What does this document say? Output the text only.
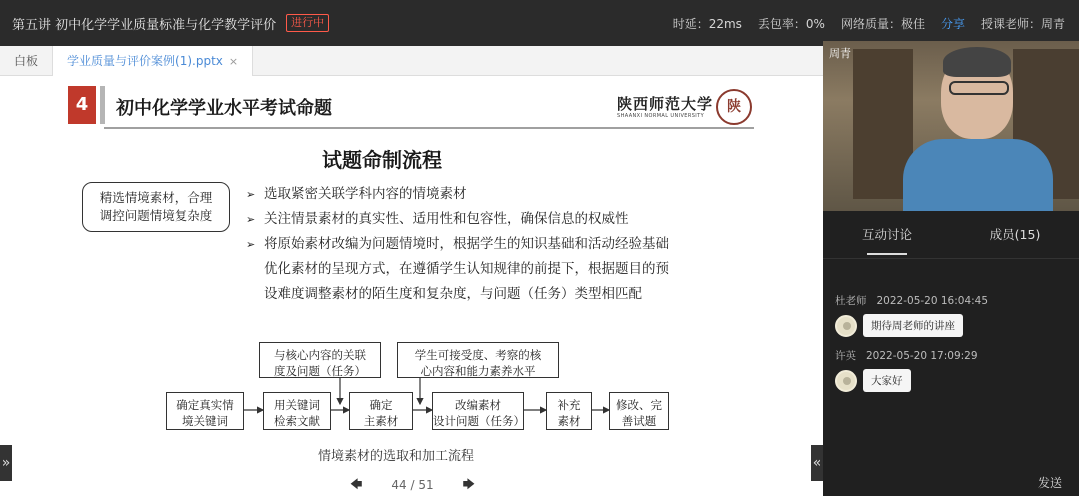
第五讲 初中化学学业质量标准与化学教学评价	进行中	时延：22ms 丢包率：0% 网络质量：极佳 分享 授课老师：周青
白板	学业质量与评价案例(1).pptx ×
4	初中化学学业水平考试命题	陕西师范大学
SHAANXI NORMAL UNIVERSITY
陕
试题命制流程
精选情境素材，合理
调控问题情境复杂度
➢ 选取紧密关联学科内容的情境素材
➢ 关注情景素材的真实性、适用性和包容性，确保信息的权威性
➢ 将原始素材改编为问题情境时，根据学生的知识基础和活动经验基础
优化素材的呈现方式，在遵循学生认知规律的前提下，根据题目的预
设难度调整素材的陌生度和复杂度，与问题（任务）类型相匹配
与核心内容的关联
度及问题（任务）
学生可接受度、考察的核
心内容和能力素养水平
确定真实情
境关键词
用关键词
检索文献
确定
主素材
改编素材
设计问题（任务）
补充
素材
修改、完
善试题
情境素材的选取和加工流程
🡄 44 / 51 🡆
»	«
周青
互动讨论	成员(15)
杜老师 2022-05-20 16:04:45
期待周老师的讲座
许英 2022-05-20 17:09:29
大家好
发送
